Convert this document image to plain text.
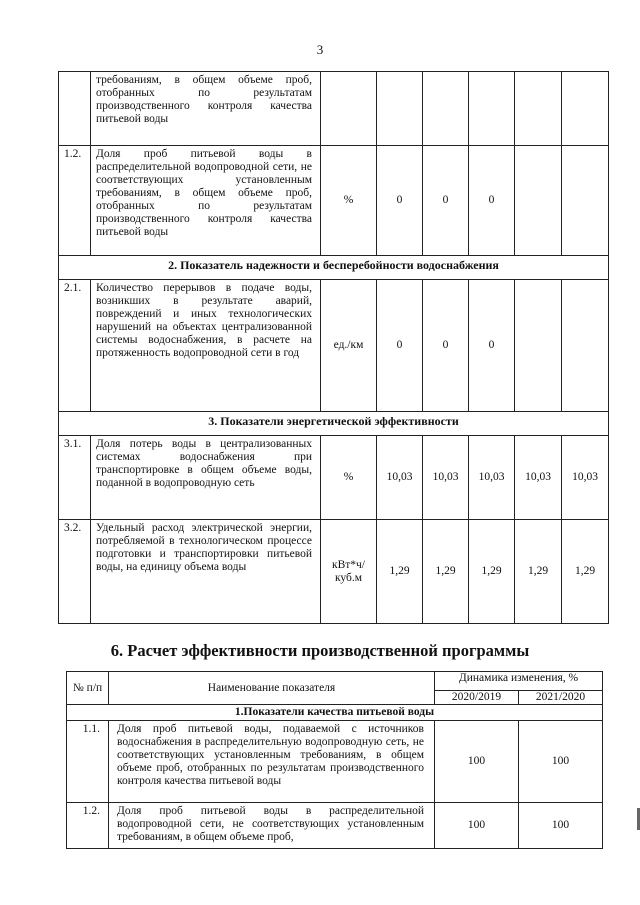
3
	требованиям, в общем объеме проб, отобранных по результатам производственного контроля качества питьевой воды						
1.2.	Доля проб питьевой воды в распределительной водопроводной сети, не соответствующих установленным требованиям, в общем объеме проб, отобранных по результатам производственного контроля качества питьевой воды	%	0	0	0		
2. Показатель надежности и бесперебойности водоснабжения							
2.1.	Количество перерывов в подаче воды, возникших в результате аварий, повреждений и иных технологических нарушений на объектах централизованной системы водоснабжения, в расчете на протяженность водопроводной сети в год	ед./км	0	0	0		
3. Показатели энергетической эффективности							
3.1.	Доля потерь воды в централизованных системах водоснабжения при транспортировке в общем объеме воды, поданной в водопроводную сеть	%	10,03	10,03	10,03	10,03	10,03
3.2.	Удельный расход электрической энергии, потребляемой в технологическом процессе подготовки и транспортировки питьевой воды, на единицу объема воды	кВт*ч/ куб.м	1,29	1,29	1,29	1,29	1,29
6. Расчет эффективности производственной программы
№ п/п	Наименование показателя	Динамика изменения, %	
		2020/2019	2021/2020
1.Показатели качества питьевой воды			
1.1.	Доля проб питьевой воды, подаваемой с источников водоснабжения в распределительную водопроводную сеть, не соответствующих установленным требованиям, в общем объеме проб, отобранных по результатам производственного контроля качества питьевой воды	100	100
1.2.	Доля проб питьевой воды в распределительной водопроводной сети, не соответствующих установленным требованиям, в общем объеме проб,	100	100
